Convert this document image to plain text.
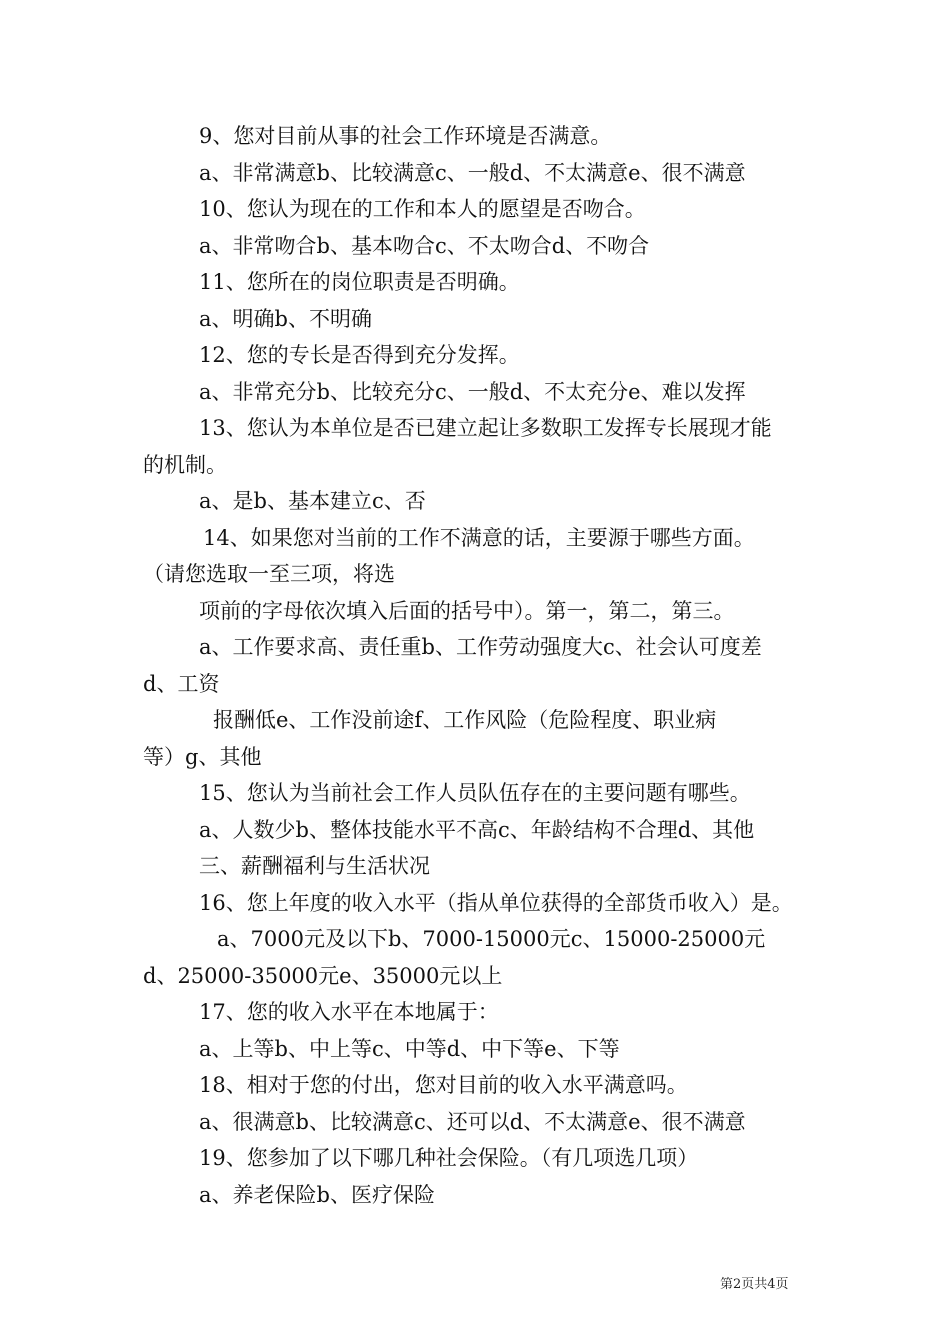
9、您对目前从事的社会工作环境是否满意。
a、非常满意b、比较满意c、一般d、不太满意e、很不满意
10、您认为现在的工作和本人的愿望是否吻合。
a、非常吻合b、基本吻合c、不太吻合d、不吻合
11、您所在的岗位职责是否明确。
a、明确b、不明确
12、您的专长是否得到充分发挥。
a、非常充分b、比较充分c、一般d、不太充分e、难以发挥
13、您认为本单位是否已建立起让多数职工发挥专长展现才能
的机制。
a、是b、基本建立c、否
14、如果您对当前的工作不满意的话，主要源于哪些方面。
（请您选取一至三项，将选
项前的字母依次填入后面的括号中）。第一，第二，第三。
a、工作要求高、责任重b、工作劳动强度大c、社会认可度差
d、工资
报酬低e、工作没前途f、工作风险（危险程度、职业病
等）g、其他
15、您认为当前社会工作人员队伍存在的主要问题有哪些。
a、人数少b、整体技能水平不高c、年龄结构不合理d、其他
三、薪酬福利与生活状况
16、您上年度的收入水平（指从单位获得的全部货币收入）是。
a、7000元及以下b、7000-15000元c、15000-25000元
d、25000-35000元e、35000元以上
17、您的收入水平在本地属于：
a、上等b、中上等c、中等d、中下等e、下等
18、相对于您的付出，您对目前的收入水平满意吗。
a、很满意b、比较满意c、还可以d、不太满意e、很不满意
19、您参加了以下哪几种社会保险。（有几项选几项）
a、养老保险b、医疗保险
第2页共4页
